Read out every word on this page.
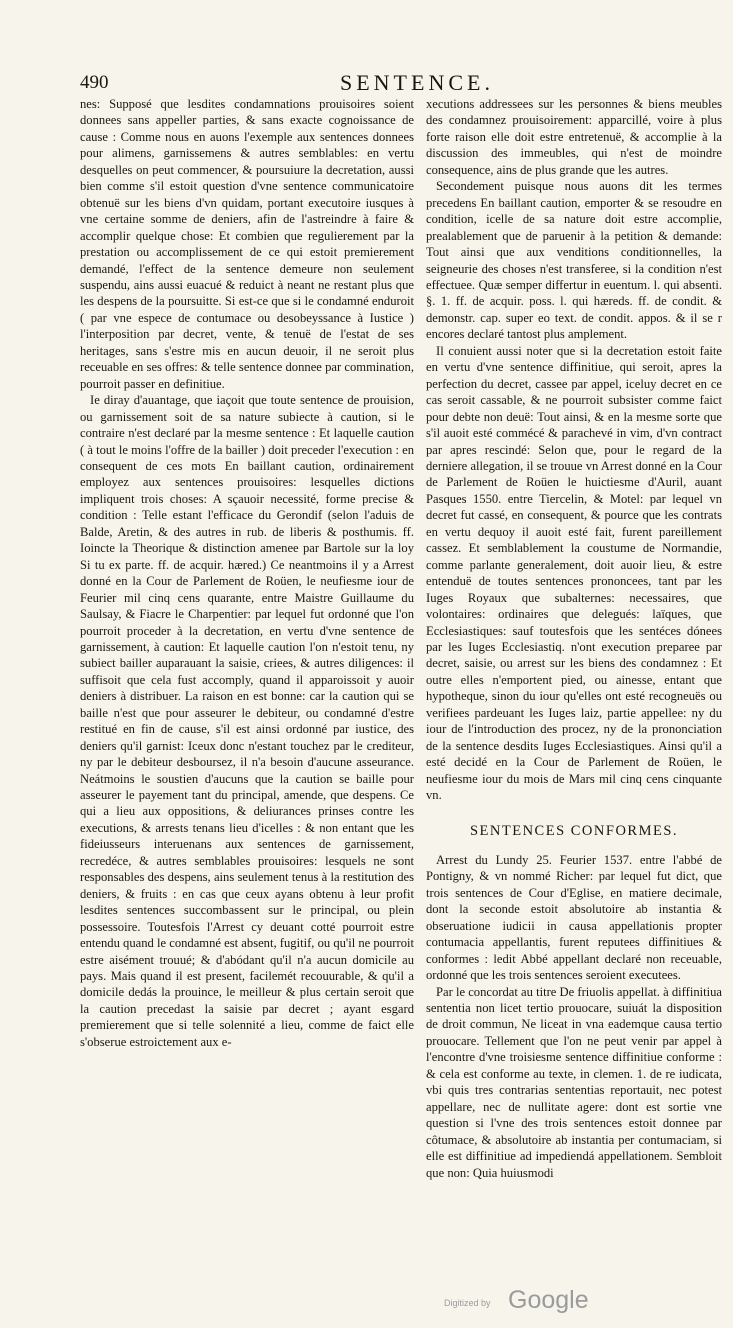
490	SENTENCE.

nes: Supposé que lesdites condamnations prouisoires soient donnees sans appeller parties, & sans exacte cognoissance de cause : Comme nous en auons l'exemple aux sentences donnees pour alimens, garnissemens & autres semblables: en vertu desquelles on peut commencer, & poursuiure la decretation, aussi bien comme s'il estoit question d'vne sentence communicatoire obtenuë sur les biens d'vn quidam, portant executoire iusques à vne certaine somme de deniers, afin de l'astreindre à faire & accomplir quelque chose: Et combien que regulierement par la prestation ou accomplissement de ce qui estoit premierement demandé, l'effect de la sentence demeure non seulement suspendu, ains aussi euacué & reduict à neant ne restant plus que les despens de la poursuitte. Si est-ce que si le condamné enduroit ( par vne espece de contumace ou desobeyssance à Iustice ) l'interposition par decret, vente, & tenuë de l'estat de ses heritages, sans s'estre mis en aucun deuoir, il ne seroit plus receuable en ses offres: & telle sentence donnee par commination, pourroit passer en definitiue.

Ie diray d'auantage, que iaçoit que toute sentence de prouision, ou garnissement soit de sa nature subiecte à caution, si le contraire n'est declaré par la mesme sentence : Et laquelle caution ( à tout le moins l'offre de la bailler ) doit preceder l'execution : en consequent de ces mots En baillant caution, ordinairement employez aux sentences prouisoires: lesquelles dictions impliquent trois choses: A sçauoir necessité, forme precise & condition : Telle estant l'efficace du Gerondif (selon l'aduis de Balde, Aretin, & des autres in rub. de liberis & posthumis. ff. Ioincte la Theorique & distinction amenee par Bartole sur la loy Si tu ex parte. ff. de acquir. hæred.) Ce neantmoins il y a Arrest donné en la Cour de Parlement de Roüen, le neufiesme iour de Feurier mil cinq cens quarante, entre Maistre Guillaume du Saulsay, & Fiacre le Charpentier: par lequel fut ordonné que l'on pourroit proceder à la decretation, en vertu d'vne sentence de garnissement, à caution: Et laquelle caution l'on n'estoit tenu, ny subiect bailler auparauant la saisie, criees, & autres diligences: il suffisoit que cela fust accomply, quand il apparoissoit y auoir deniers à distribuer. La raison en est bonne: car la caution qui se baille n'est que pour asseurer le debiteur, ou condamné d'estre restitué en fin de cause, s'il est ainsi ordonné par iustice, des deniers qu'il garnist: Iceux donc n'estant touchez par le crediteur, ny par le debiteur desboursez, il n'a besoin d'aucune asseurance. Neátmoins le soustien d'aucuns que la caution se baille pour asseurer le payement tant du principal, amende, que despens. Ce qui a lieu aux oppositions, & deliurances prinses contre les executions, & arrests tenans lieu d'icelles : & non entant que les fideiusseurs interuenans aux sentences de garnissement, recredéce, & autres semblables prouisoires: lesquels ne sont responsables des despens, ains seulement tenus à la restitution des deniers, & fruits : en cas que ceux ayans obtenu à leur profit lesdites sentences succombassent sur le principal, ou plein possessoire. Toutesfois l'Arrest cy deuant cotté pourroit estre entendu quand le condamné est absent, fugitif, ou qu'il ne pourroit estre aisément trouué; & d'abódant qu'il n'a aucun domicile au pays. Mais quand il est present, facilemét recouurable, & qu'il a domicile dedás la prouince, le meilleur & plus certain seroit que la caution precedast la saisie par decret ; ayant esgard premierement que si telle solennité a lieu, comme de faict elle s'obserue estroictement aux e-

xecutions addressees sur les personnes & biens meubles des condamnez prouisoirement: apparcillé, voire à plus forte raison elle doit estre entretenuë, & accomplie à la discussion des immeubles, qui n'est de moindre consequence, ains de plus grande que les autres.

Secondement puisque nous auons dit les termes precedens En baillant caution, emporter & se resoudre en condition, icelle de sa nature doit estre accomplie, prealablement que de paruenir à la petition & demande: Tout ainsi que aux venditions conditionnelles, la seigneurie des choses n'est transferee, si la condition n'est effectuee. Quæ semper differtur in euentum. l. qui absenti. §. 1. ff. de acquir. poss. l. qui hæreds. ff. de condit. & demonstr. cap. super eo text. de condit. appos. & il se r encores declaré tantost plus amplement.

Il conuient aussi noter que si la decretation estoit faite en vertu d'vne sentence diffinitiue, qui seroit, apres la perfection du decret, cassee par appel, iceluy decret en ce cas seroit cassable, & ne pourroit subsister comme faict pour debte non deuë: Tout ainsi, & en la mesme sorte que s'il auoit esté commécé & parachevé in vim, d'vn contract par apres rescindé: Selon que, pour le regard de la derniere allegation, il se trouue vn Arrest donné en la Cour de Parlement de Roüen le huictiesme d'Auril, auant Pasques 1550. entre Tiercelin, & Motel: par lequel vn decret fut cassé, en consequent, & pource que les contrats en vertu dequoy il auoit esté fait, furent pareillement cassez. Et semblablement la coustume de Normandie, comme parlante generalement, doit auoir lieu, & estre entenduë de toutes sentences prononcees, tant par les Iuges Royaux que subalternes: necessaires, que volontaires: ordinaires que delegués: laïques, que Ecclesiastiques: sauf toutesfois que les sentéces dónees par les Iuges Ecclesiastiq. n'ont execution preparee par decret, saisie, ou arrest sur les biens des condamnez : Et outre elles n'emportent pied, ou ainesse, entant que hypotheque, sinon du iour qu'elles ont esté recogneuës ou verifiees pardeuant les Iuges laiz, partie appellee: ny du iour de l'introduction des procez, ny de la prononciation de la sentence desdits Iuges Ecclesiastiques. Ainsi qu'il a esté decidé en la Cour de Parlement de Roüen, le neufiesme iour du mois de Mars mil cinq cens cinquante vn.

SENTENCES CONFORMES.

Arrest du Lundy 25. Feurier 1537. entre l'abbé de Pontigny, & vn nommé Richer: par lequel fut dict, que trois sentences de Cour d'Eglise, en matiere decimale, dont la seconde estoit absolutoire ab instantia & obseruatione iudicii in causa appellationis propter contumacia appellantis, furent reputees diffinitiues & conformes : ledit Abbé appellant declaré non receuable, ordonné que les trois sentences seroient executees.

Par le concordat au titre De friuolis appellat. à diffinitiua sententia non licet tertio prouocare, suiuát la disposition de droit commun, Ne liceat in vna eademque causa tertio prouocare. Tellement que l'on ne peut venir par appel à l'encontre d'vne troisiesme sentence diffinitiue conforme : & cela est conforme au texte, in clemen. 1. de re iudicata, vbi quis tres contrarias sententias reportauit, nec potest appellare, nec de nullitate agere: dont est sortie vne question si l'vne des trois sentences estoit donnee par côtumace, & absolutoire ab instantia per contumaciam, si elle est diffinitiue ad impediendá appellationem. Sembloit que non: Quia huiusmodi

Digitized by Google
